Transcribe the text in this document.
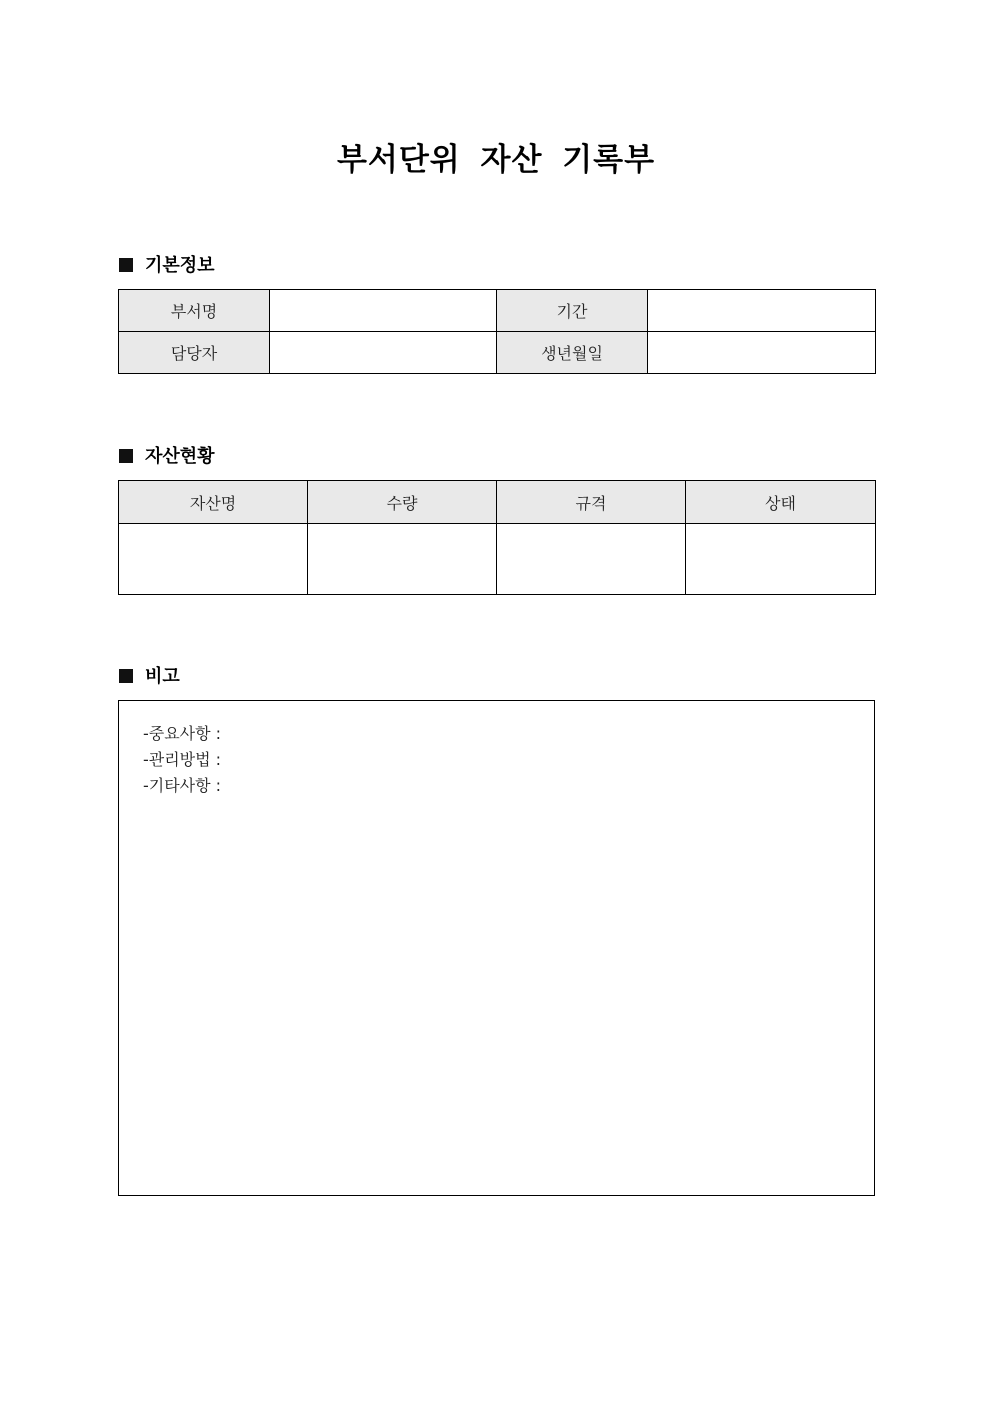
부서단위 자산 기록부
기본정보
부서명		기간	
담당자		생년월일	
자산현황
자산명	수량	규격	상태

비고
-중요사항 :
-관리방법 :
-기타사항 :
